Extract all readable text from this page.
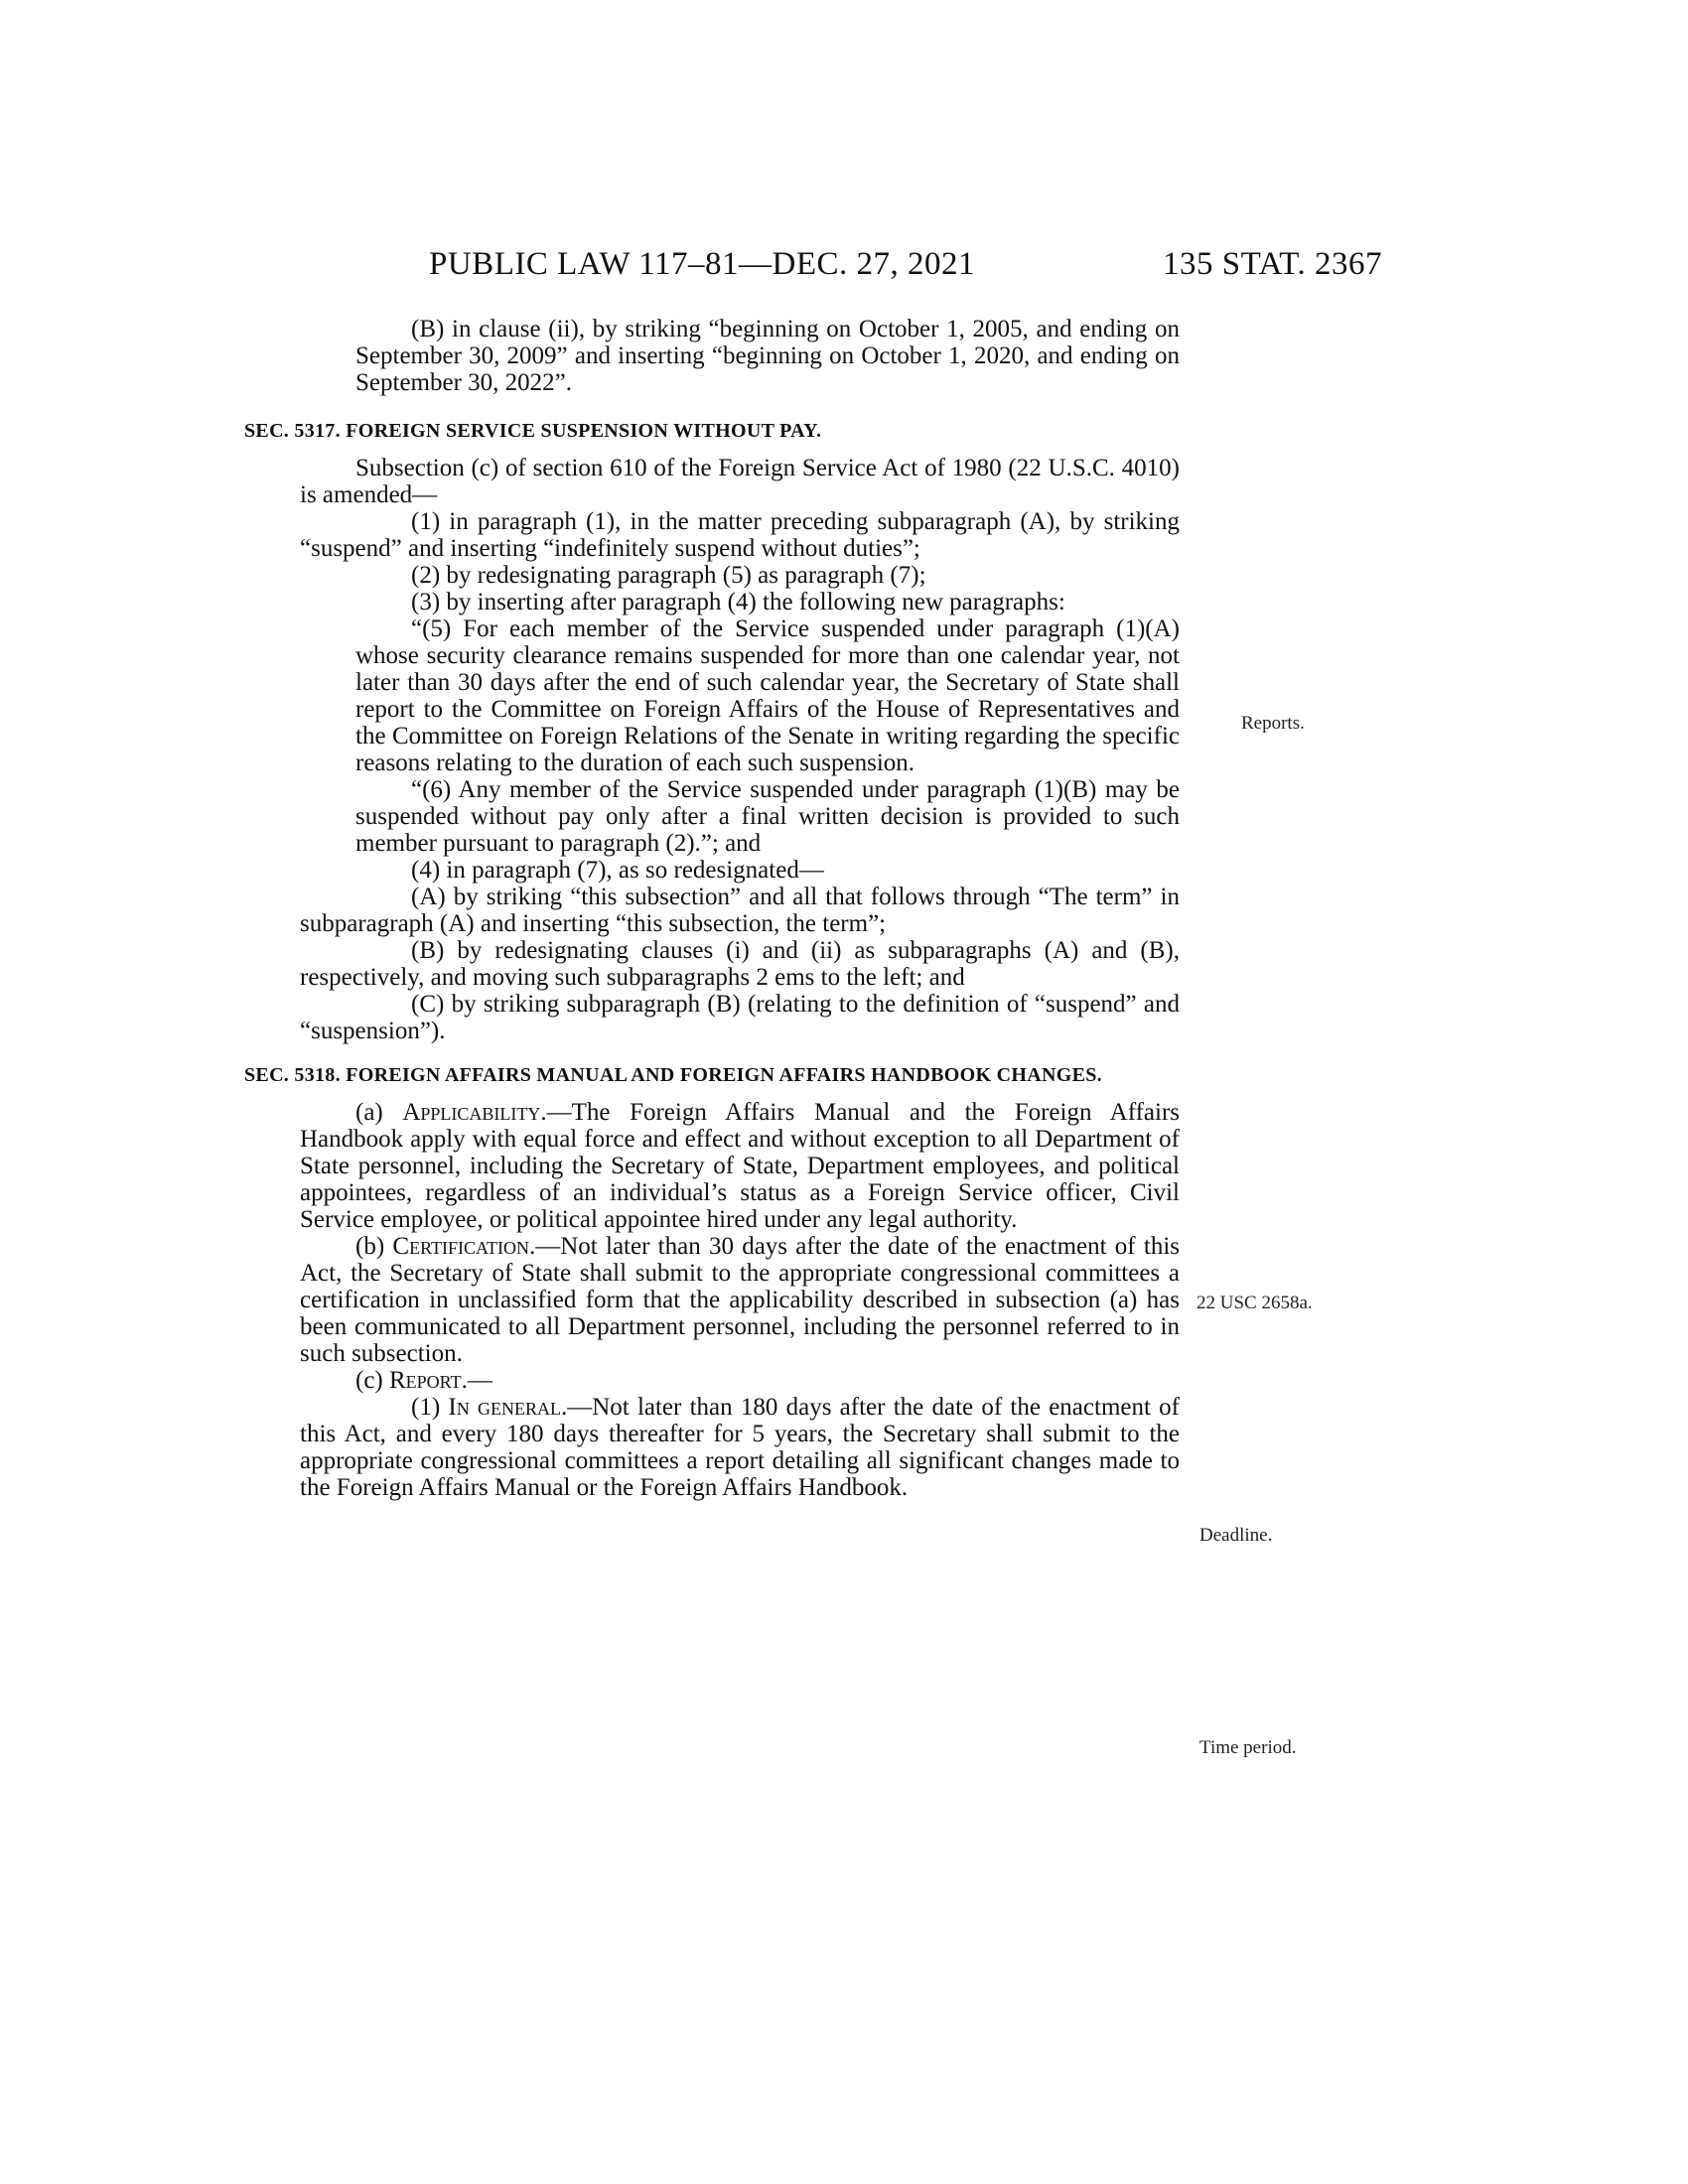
PUBLIC LAW 117–81—DEC. 27, 2021	135 STAT. 2367

(B) in clause (ii), by striking “beginning on October 1, 2005, and ending on September 30, 2009” and inserting “beginning on October 1, 2020, and ending on September 30, 2022”.

SEC. 5317. FOREIGN SERVICE SUSPENSION WITHOUT PAY.

Subsection (c) of section 610 of the Foreign Service Act of 1980 (22 U.S.C. 4010) is amended—

(1) in paragraph (1), in the matter preceding subparagraph (A), by striking “suspend” and inserting “indefinitely suspend without duties”;

(2) by redesignating paragraph (5) as paragraph (7);

(3) by inserting after paragraph (4) the following new paragraphs:

“(5) For each member of the Service suspended under paragraph (1)(A) whose security clearance remains suspended for more than one calendar year, not later than 30 days after the end of such calendar year, the Secretary of State shall report to the Committee on Foreign Affairs of the House of Representatives and the Committee on Foreign Relations of the Senate in writing regarding the specific reasons relating to the duration of each such suspension.

“(6) Any member of the Service suspended under paragraph (1)(B) may be suspended without pay only after a final written decision is provided to such member pursuant to paragraph (2).”; and

(4) in paragraph (7), as so redesignated—

(A) by striking “this subsection” and all that follows through “The term” in subparagraph (A) and inserting “this subsection, the term”;

(B) by redesignating clauses (i) and (ii) as subparagraphs (A) and (B), respectively, and moving such subparagraphs 2 ems to the left; and

(C) by striking subparagraph (B) (relating to the definition of “suspend” and “suspension”).

SEC. 5318. FOREIGN AFFAIRS MANUAL AND FOREIGN AFFAIRS HANDBOOK CHANGES.

(a) Applicability.—The Foreign Affairs Manual and the Foreign Affairs Handbook apply with equal force and effect and without exception to all Department of State personnel, including the Secretary of State, Department employees, and political appointees, regardless of an individual’s status as a Foreign Service officer, Civil Service employee, or political appointee hired under any legal authority.

(b) Certification.—Not later than 30 days after the date of the enactment of this Act, the Secretary of State shall submit to the appropriate congressional committees a certification in unclassified form that the applicability described in subsection (a) has been communicated to all Department personnel, including the personnel referred to in such subsection.

(c) Report.—

(1) In general.—Not later than 180 days after the date of the enactment of this Act, and every 180 days thereafter for 5 years, the Secretary shall submit to the appropriate congressional committees a report detailing all significant changes made to the Foreign Affairs Manual or the Foreign Affairs Handbook.

Reports.
22 USC 2658a.
Deadline.
Time period.
